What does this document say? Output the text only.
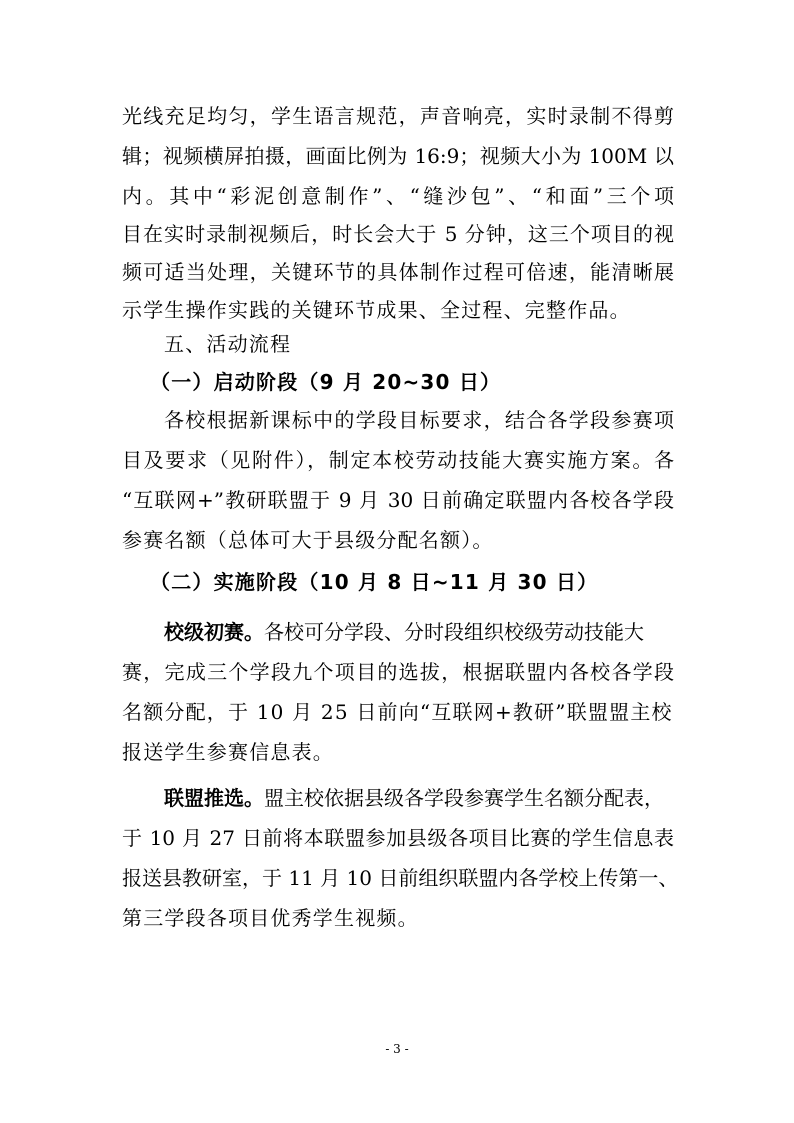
光线充足均匀，学生语言规范，声音响亮，实时录制不得剪
辑；视频横屏拍摄，画面比例为 16:9；视频大小为 100M 以
内。其中“彩泥创意制作”、“缝沙包”、“和面”三个项
目在实时录制视频后，时长会大于 5 分钟，这三个项目的视
频可适当处理，关键环节的具体制作过程可倍速，能清晰展
示学生操作实践的关键环节成果、全过程、完整作品。
五、活动流程
（一）启动阶段（9 月 20~30 日）
各校根据新课标中的学段目标要求，结合各学段参赛项
目及要求（见附件），制定本校劳动技能大赛实施方案。各
“互联网+”教研联盟于 9 月 30 日前确定联盟内各校各学段
参赛名额（总体可大于县级分配名额）。
（二）实施阶段（10 月 8 日~11 月 30 日）
校级初赛。各校可分学段、分时段组织校级劳动技能大
赛，完成三个学段九个项目的选拔，根据联盟内各校各学段
名额分配，于 10 月 25 日前向“互联网+教研”联盟盟主校
报送学生参赛信息表。
联盟推选。盟主校依据县级各学段参赛学生名额分配表，
于 10 月 27 日前将本联盟参加县级各项目比赛的学生信息表
报送县教研室，于 11 月 10 日前组织联盟内各学校上传第一、
第三学段各项目优秀学生视频。
- 3 -
